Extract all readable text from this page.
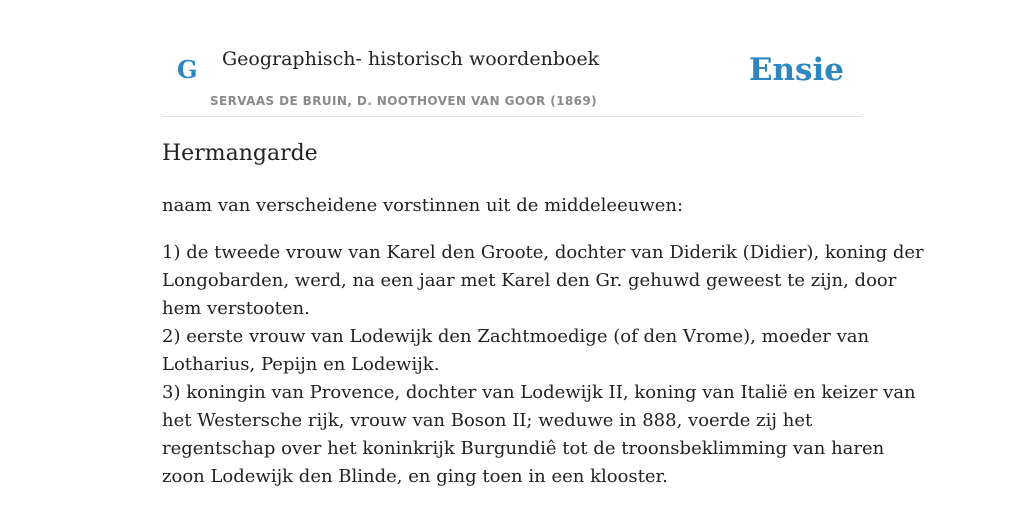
G Geographisch- historisch woordenboek
SERVAAS DE BRUIN, D. NOOTHOVEN VAN GOOR (1869)
Ensie
Hermangarde

naam van verscheidene vorstinnen uit de middeleeuwen:

1) de tweede vrouw van Karel den Groote, dochter van Diderik (Didier), koning der

Longobarden, werd, na een jaar met Karel den Gr. gehuwd geweest te zijn, door

hem verstooten.

2) eerste vrouw van Lodewijk den Zachtmoedige (of den Vrome), moeder van

Lotharius, Pepijn en Lodewijk.

3) koningin van Provence, dochter van Lodewijk II, koning van Italië en keizer van

het Westersche rijk, vrouw van Boson II; weduwe in 888, voerde zij het

regentschap over het koninkrijk Burgundiê tot de troonsbeklimming van haren

zoon Lodewijk den Blinde, en ging toen in een klooster.
